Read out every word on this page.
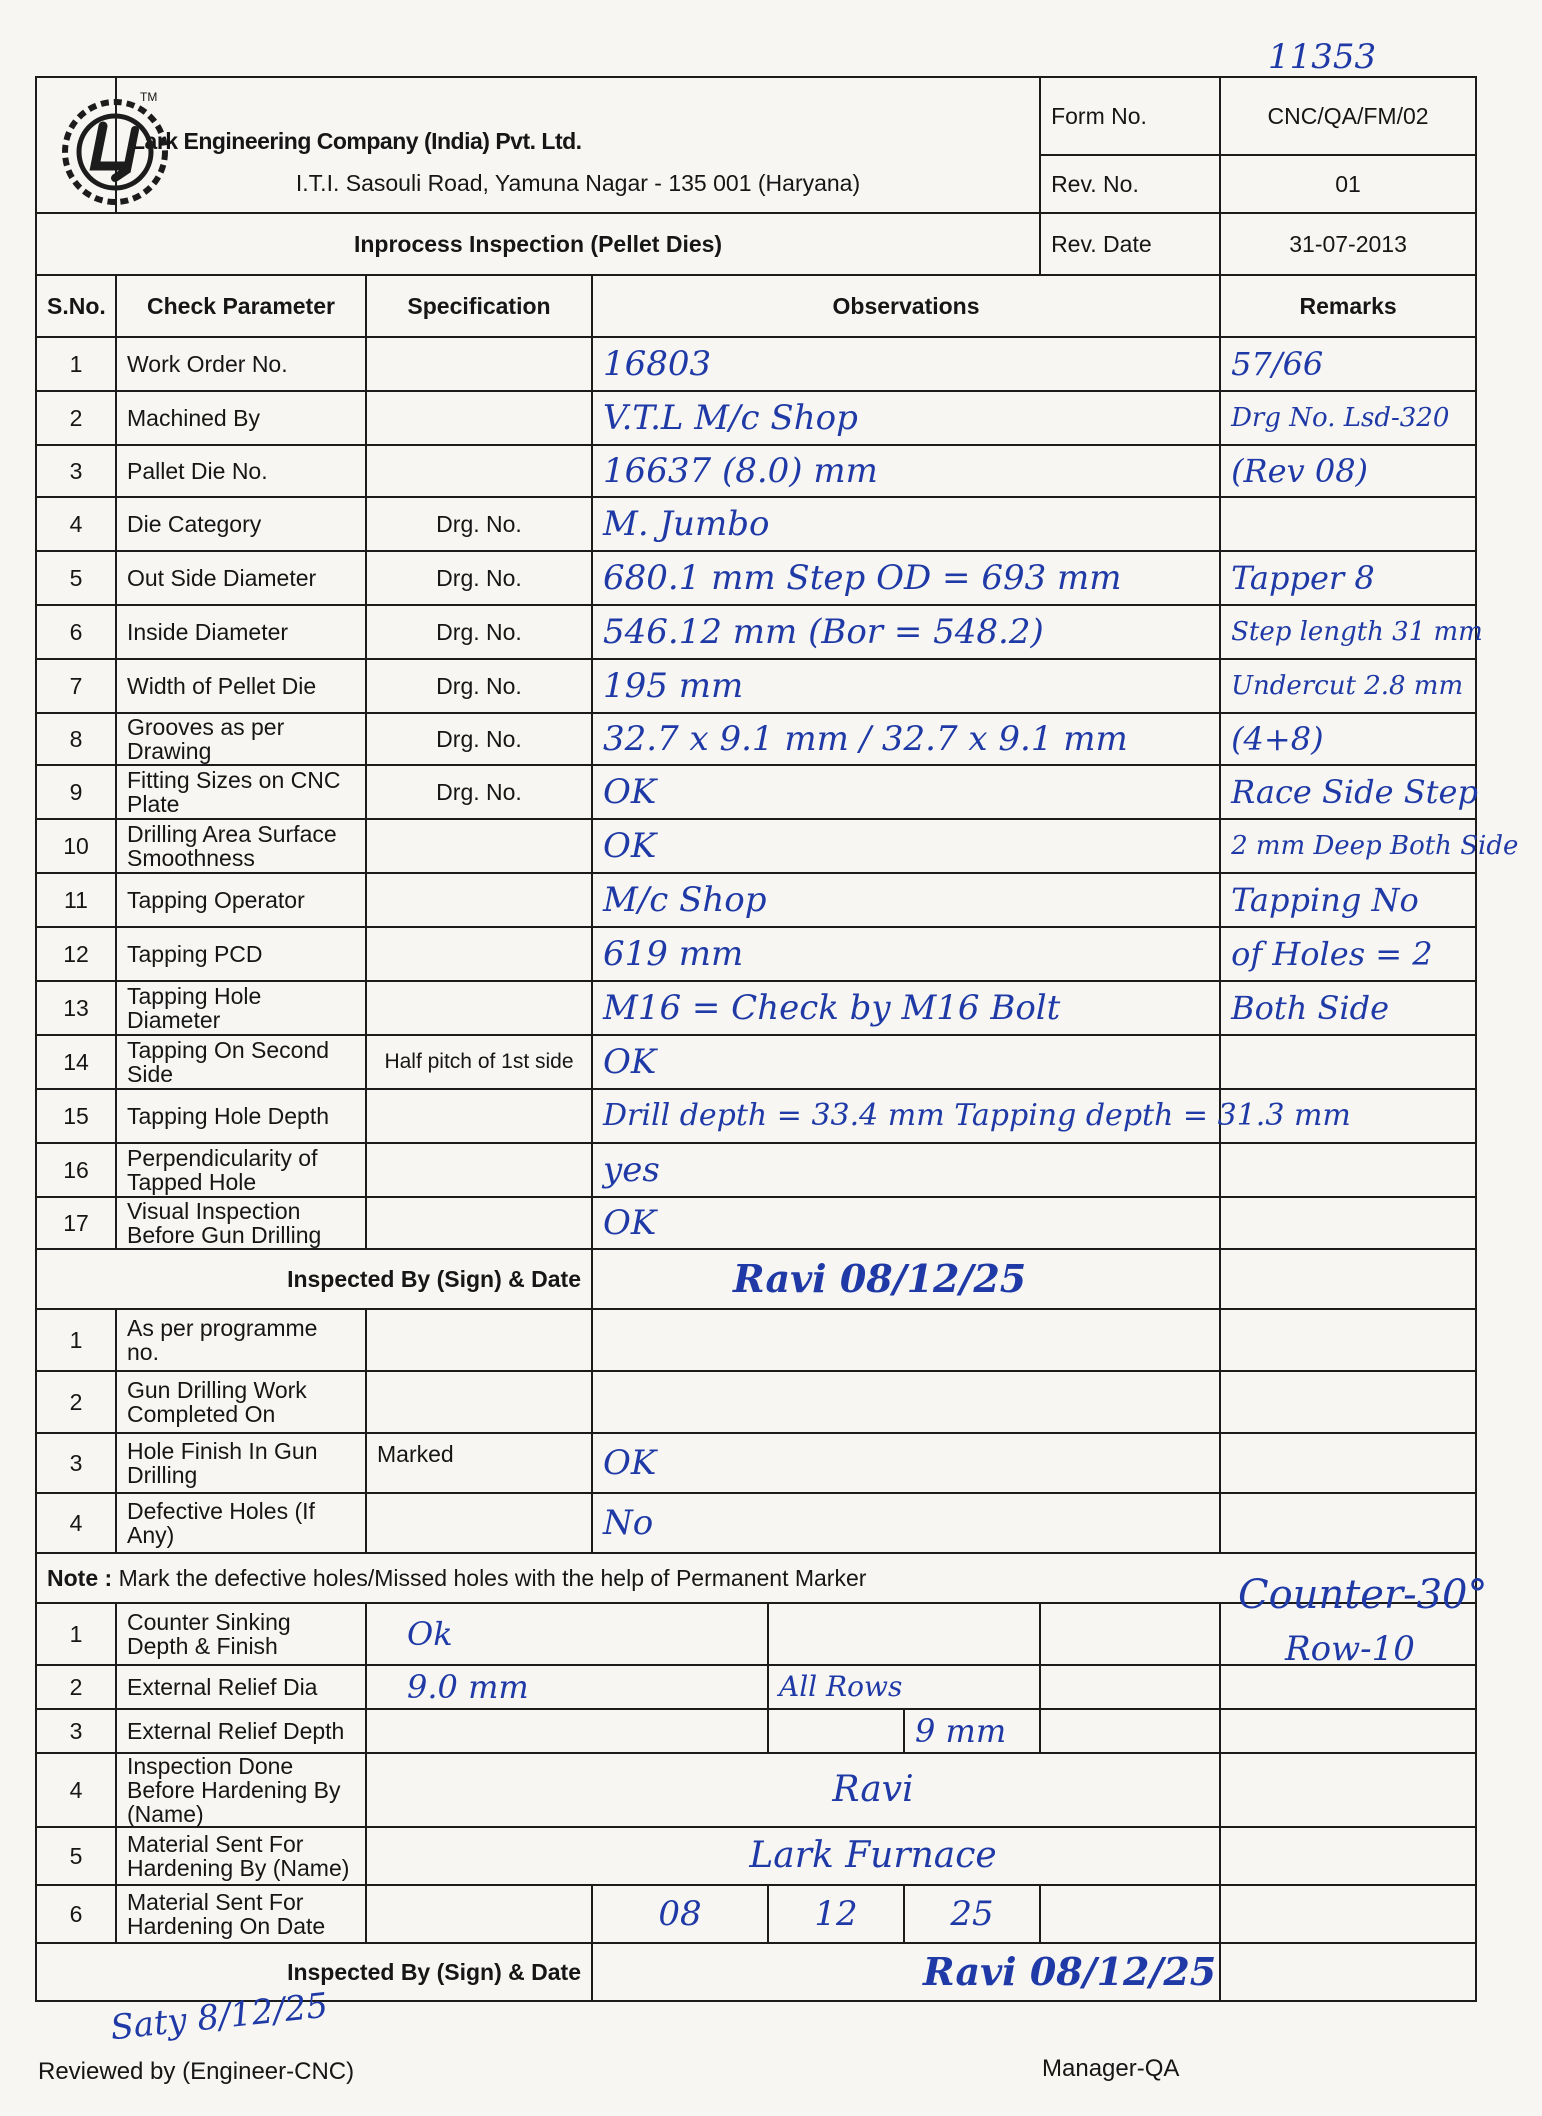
11353
	Lark Engineering Company (India) Pvt. Ltd.					Form No.	CNC/QA/FM/02
	I.T.I. Sasouli Road, Yamuna Nagar - 135 001 (Haryana)					Rev. No.	01
Inprocess Inspection (Pellet Dies)						Rev. Date	31-07-2013
S.No.	Check Parameter	Specification	Observations				Remarks
1	Work Order No.		16803				57/66
2	Machined By		V.T.L M/c Shop				Drg No. Lsd-320
3	Pallet Die No.		16637 (8.0) mm				(Rev 08)
4	Die Category	Drg. No.	M. Jumbo				
5	Out Side Diameter	Drg. No.	680.1 mm Step OD = 693 mm				Tapper 8
6	Inside Diameter	Drg. No.	546.12 mm (Bor = 548.2)				Step length 31 mm
7	Width of Pellet Die	Drg. No.	195 mm				Undercut 2.8 mm
8	Grooves as per Drawing	Drg. No.	32.7 x 9.1 mm / 32.7 x 9.1 mm				(4+8)
9	Fitting Sizes on CNC Plate	Drg. No.	OK				Race Side Step
10	Drilling Area Surface Smoothness		OK				2 mm Deep Both Side
11	Tapping Operator		M/c Shop				Tapping No
12	Tapping PCD		619 mm				of Holes = 2
13	Tapping Hole Diameter		M16 = Check by M16 Bolt				Both Side
14	Tapping On Second Side	Half pitch of 1st side	OK				
15	Tapping Hole Depth		Drill depth = 33.4 mm Tapping depth = 31.3 mm				
16	Perpendicularity of Tapped Hole		yes				
17	Visual Inspection Before Gun Drilling		OK				
Inspected By (Sign) & Date			Ravi 08/12/25				
1	As per programme no.						
2	Gun Drilling Work Completed On						
3	Hole Finish In Gun Drilling	Marked	OK				
4	Defective Holes (If Any)		No				
Note : Mark the defective holes/Missed holes with the help of Permanent Marker							
1	Counter Sinking Depth & Finish	Ok					
2	External Relief Dia	9.0 mm		All Rows			
3	External Relief Depth				9 mm		
4	Inspection Done Before Hardening By (Name)	Ravi					
5	Material Sent For Hardening By (Name)	Lark Furnace					
6	Material Sent For Hardening On Date		08	12	25		
Inspected By (Sign) & Date			Ravi 08/12/25				
TM
Counter-30°
Row-10
Saty 8/12/25
Reviewed by (Engineer-CNC)	Manager-QA
